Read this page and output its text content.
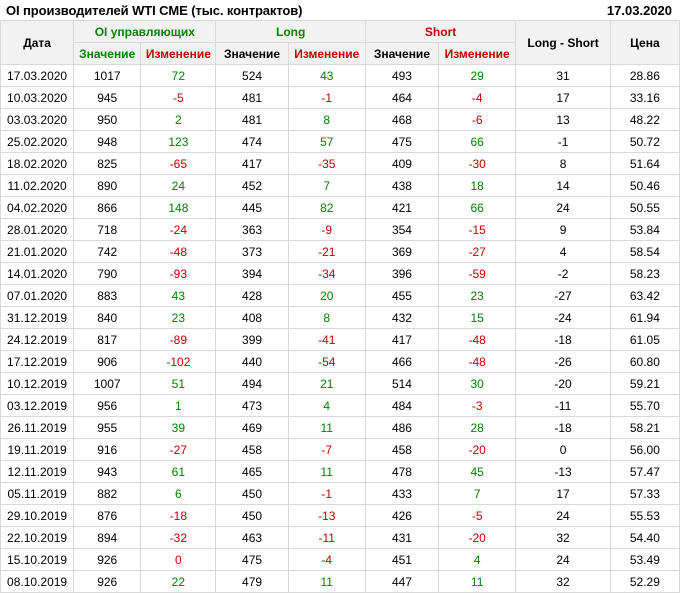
OI производителей WTI CME (тыс. контрактов)	17.03.2020
Дата	OI управляющих		Long		Short		Long - Short	Цена
	Значение	Изменение	Значение	Изменение	Значение	Изменение		
17.03.2020	1017	72	524	43	493	29	31	28.86
10.03.2020	945	-5	481	-1	464	-4	17	33.16
03.03.2020	950	2	481	8	468	-6	13	48.22
25.02.2020	948	123	474	57	475	66	-1	50.72
18.02.2020	825	-65	417	-35	409	-30	8	51.64
11.02.2020	890	24	452	7	438	18	14	50.46
04.02.2020	866	148	445	82	421	66	24	50.55
28.01.2020	718	-24	363	-9	354	-15	9	53.84
21.01.2020	742	-48	373	-21	369	-27	4	58.54
14.01.2020	790	-93	394	-34	396	-59	-2	58.23
07.01.2020	883	43	428	20	455	23	-27	63.42
31.12.2019	840	23	408	8	432	15	-24	61.94
24.12.2019	817	-89	399	-41	417	-48	-18	61.05
17.12.2019	906	-102	440	-54	466	-48	-26	60.80
10.12.2019	1007	51	494	21	514	30	-20	59.21
03.12.2019	956	1	473	4	484	-3	-11	55.70
26.11.2019	955	39	469	11	486	28	-18	58.21
19.11.2019	916	-27	458	-7	458	-20	0	56.00
12.11.2019	943	61	465	11	478	45	-13	57.47
05.11.2019	882	6	450	-1	433	7	17	57.33
29.10.2019	876	-18	450	-13	426	-5	24	55.53
22.10.2019	894	-32	463	-11	431	-20	32	54.40
15.10.2019	926	0	475	-4	451	4	24	53.49
08.10.2019	926	22	479	11	447	11	32	52.29
